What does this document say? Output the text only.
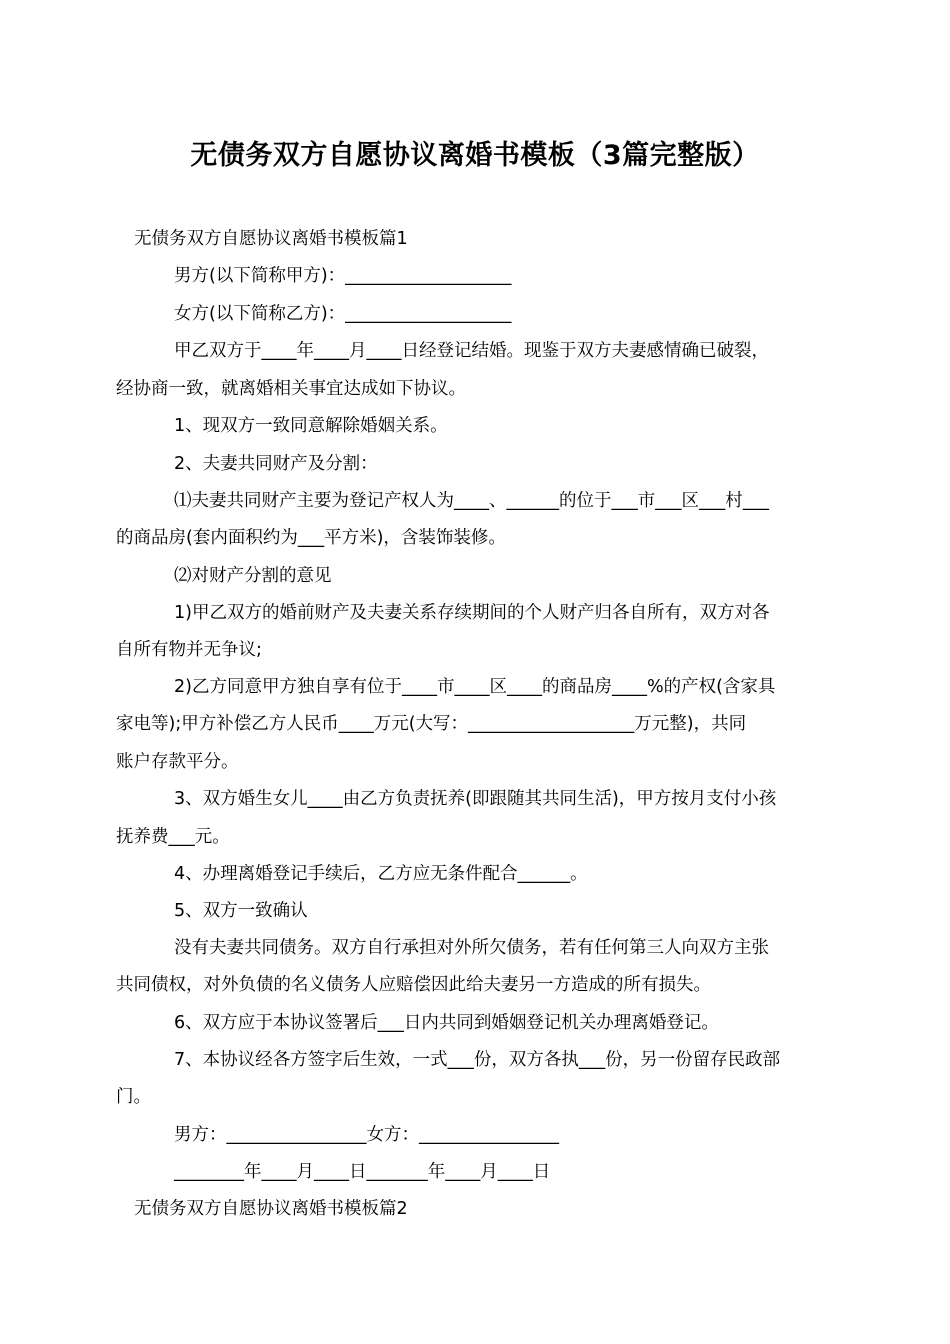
无债务双方自愿协议离婚书模板（3篇完整版）
无债务双方自愿协议离婚书模板篇1
男方(以下简称甲方)：___________________
女方(以下简称乙方)：___________________
甲乙双方于____年____月____日经登记结婚。现鉴于双方夫妻感情确已破裂，
经协商一致，就离婚相关事宜达成如下协议。
1、现双方一致同意解除婚姻关系。
2、夫妻共同财产及分割：
⑴夫妻共同财产主要为登记产权人为____、______的位于___市___区___村___
的商品房(套内面积约为___平方米)，含装饰装修。
⑵对财产分割的意见
1)甲乙双方的婚前财产及夫妻关系存续期间的个人财产归各自所有，双方对各
自所有物并无争议;
2)乙方同意甲方独自享有位于____市____区____的商品房____%的产权(含家具
家电等);甲方补偿乙方人民币____万元(大写：___________________万元整)，共同
账户存款平分。
3、双方婚生女儿____由乙方负责抚养(即跟随其共同生活)，甲方按月支付小孩
抚养费___元。
4、办理离婚登记手续后，乙方应无条件配合______。
5、双方一致确认
没有夫妻共同债务。双方自行承担对外所欠债务，若有任何第三人向双方主张
共同债权，对外负债的名义债务人应赔偿因此给夫妻另一方造成的所有损失。
6、双方应于本协议签署后___日内共同到婚姻登记机关办理离婚登记。
7、本协议经各方签字后生效，一式___份，双方各执___份，另一份留存民政部
门。
男方：________________女方：________________
________年____月____日_______年____月____日
无债务双方自愿协议离婚书模板篇2
